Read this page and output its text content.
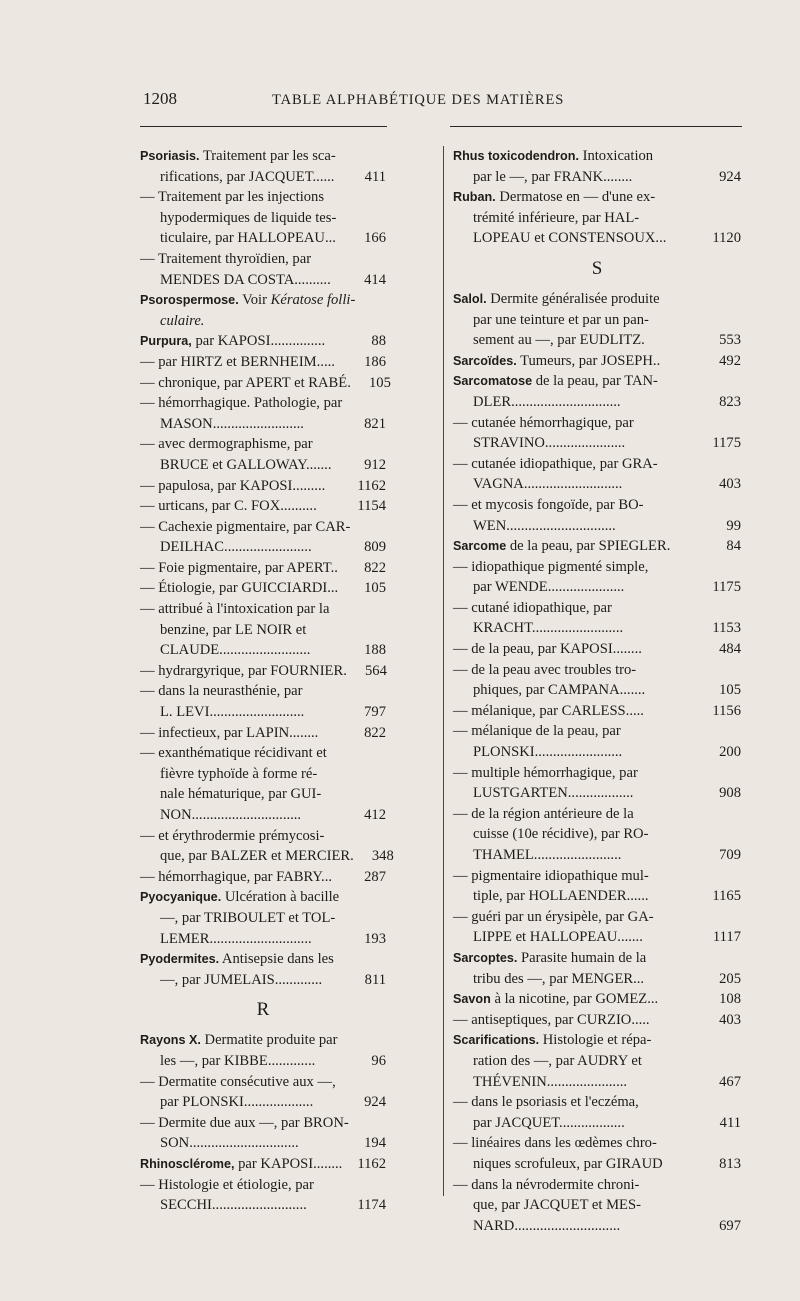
1208	TABLE ALPHABÉTIQUE DES MATIÈRES
Psoriasis. Traitement par les sca-
rifications, par JACQUET......	411
— Traitement par les injections
hypodermiques de liquide tes-
ticulaire, par HALLOPEAU...	166
— Traitement thyroïdien, par
MENDES DA COSTA..........	414
Psorospermose. Voir Kératose folli-
culaire.
Purpura, par KAPOSI...............	88
— par HIRTZ et BERNHEIM.....	186
— chronique, par APERT et RABÉ.	105
— hémorrhagique. Pathologie, par
MASON.........................	821
— avec dermographisme, par
BRUCE et GALLOWAY.......	912
— papulosa, par KAPOSI.........	1162
— urticans, par C. FOX..........	1154
— Cachexie pigmentaire, par CAR-
DEILHAC........................	809
— Foie pigmentaire, par APERT..	822
— Étiologie, par GUICCIARDI...	105
— attribué à l'intoxication par la
benzine, par LE NOIR et
CLAUDE.........................	188
— hydrargyrique, par FOURNIER.	564
— dans la neurasthénie, par
L. LEVI..........................	797
— infectieux, par LAPIN........	822
— exanthématique récidivant et
fièvre typhoïde à forme ré-
nale hématurique, par GUI-
NON..............................	412
— et érythrodermie prémycosi-
que, par BALZER et MERCIER.	348
— hémorrhagique, par FABRY...	287
Pyocyanique. Ulcération à bacille
—, par TRIBOULET et TOL-
LEMER............................	193
Pyodermites. Antisepsie dans les
—, par JUMELAIS.............	811
R
Rayons X. Dermatite produite par
les —, par KIBBE.............	96
— Dermatite consécutive aux —,
par PLONSKI...................	924
— Dermite due aux —, par BRON-
SON..............................	194
Rhinosclérome, par KAPOSI........	1162
— Histologie et étiologie, par
SECCHI..........................	1174
Rhus toxicodendron. Intoxication
par le —, par FRANK........	924
Ruban. Dermatose en — d'une ex-
trémité inférieure, par HAL-
LOPEAU et CONSTENSOUX...	1120
S
Salol. Dermite généralisée produite
par une teinture et par un pan-
sement au —, par EUDLITZ.	553
Sarcoïdes. Tumeurs, par JOSEPH..	492
Sarcomatose de la peau, par TAN-
DLER..............................	823
— cutanée hémorrhagique, par
STRAVINO......................	1175
— cutanée idiopathique, par GRA-
VAGNA...........................	403
— et mycosis fongoïde, par BO-
WEN..............................	99
Sarcome de la peau, par SPIEGLER.	84
— idiopathique pigmenté simple,
par WENDE.....................	1175
— cutané idiopathique, par
KRACHT.........................	1153
— de la peau, par KAPOSI........	484
— de la peau avec troubles tro-
phiques, par CAMPANA.......	105
— mélanique, par CARLESS.....	1156
— mélanique de la peau, par
PLONSKI........................	200
— multiple hémorrhagique, par
LUSTGARTEN..................	908
— de la région antérieure de la
cuisse (10e récidive), par RO-
THAMEL........................	709
— pigmentaire idiopathique mul-
tiple, par HOLLAENDER......	1165
— guéri par un érysipèle, par GA-
LIPPE et HALLOPEAU.......	1117
Sarcoptes. Parasite humain de la
tribu des —, par MENGER...	205
Savon à la nicotine, par GOMEZ...	108
— antiseptiques, par CURZIO.....	403
Scarifications. Histologie et répa-
ration des —, par AUDRY et
THÉVENIN......................	467
— dans le psoriasis et l'eczéma,
par JACQUET..................	411
— linéaires dans les œdèmes chro-
niques scrofuleux, par GIRAUD	813
— dans la névrodermite chroni-
que, par JACQUET et MES-
NARD.............................	697
